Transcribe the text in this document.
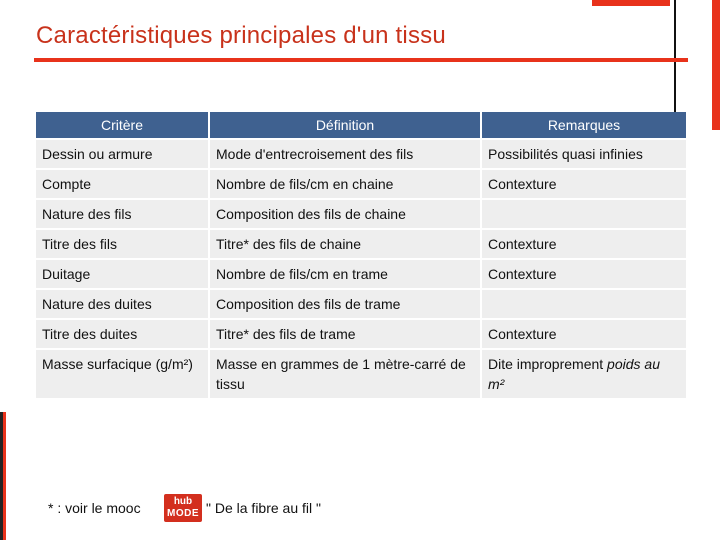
Caractéristiques principales d'un tissu
Critère	Définition	Remarques
Dessin ou armure	Mode d'entrecroisement des fils	Possibilités quasi infinies
Compte	Nombre de fils/cm en chaine	Contexture
Nature des fils	Composition des fils de chaine	
Titre des fils	Titre* des fils de chaine	Contexture
Duitage	Nombre de fils/cm en trame	Contexture
Nature des duites	Composition des fils de trame	
Titre des duites	Titre* des fils de trame	Contexture
Masse surfacique (g/m²)	Masse en grammes de 1 mètre-carré de tissu	Dite improprement poids au m²
* : voir le mooc	hub
MODE " De la fibre au fil "
